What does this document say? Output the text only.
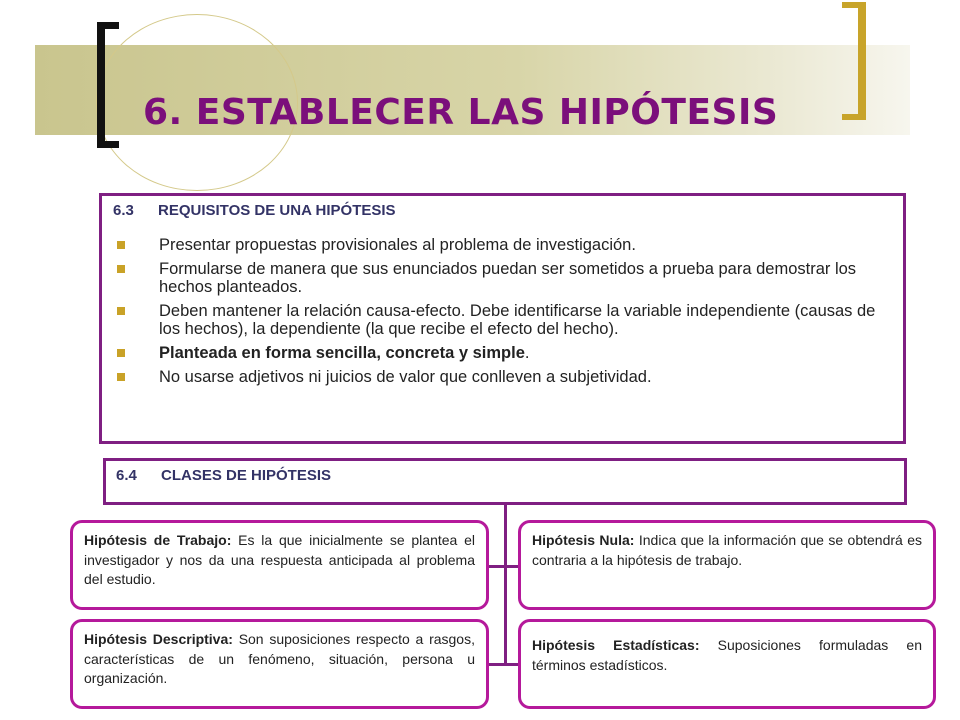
6. ESTABLECER LAS HIPÓTESIS
6.3 REQUISITOS DE UNA HIPÓTESIS
Presentar propuestas provisionales al problema de investigación.
Formularse de manera que sus enunciados puedan ser sometidos a prueba para demostrar los hechos planteados.
Deben mantener la relación causa-efecto. Debe identificarse la variable independiente (causas de los hechos), la dependiente (la que recibe el efecto del hecho).
Planteada en forma sencilla, concreta y simple.
No usarse adjetivos ni juicios de valor que conlleven a subjetividad.
6.4 CLASES DE HIPÓTESIS
Hipótesis de Trabajo: Es la que inicialmente se plantea el investigador y nos da una respuesta anticipada al problema del estudio.
Hipótesis Nula: Indica que la información que se obtendrá es contraria a la hipótesis de trabajo.
Hipótesis Descriptiva: Son suposiciones respecto a rasgos, características de un fenómeno, situación, persona u organización.
Hipótesis Estadísticas: Suposiciones formuladas en términos estadísticos.
